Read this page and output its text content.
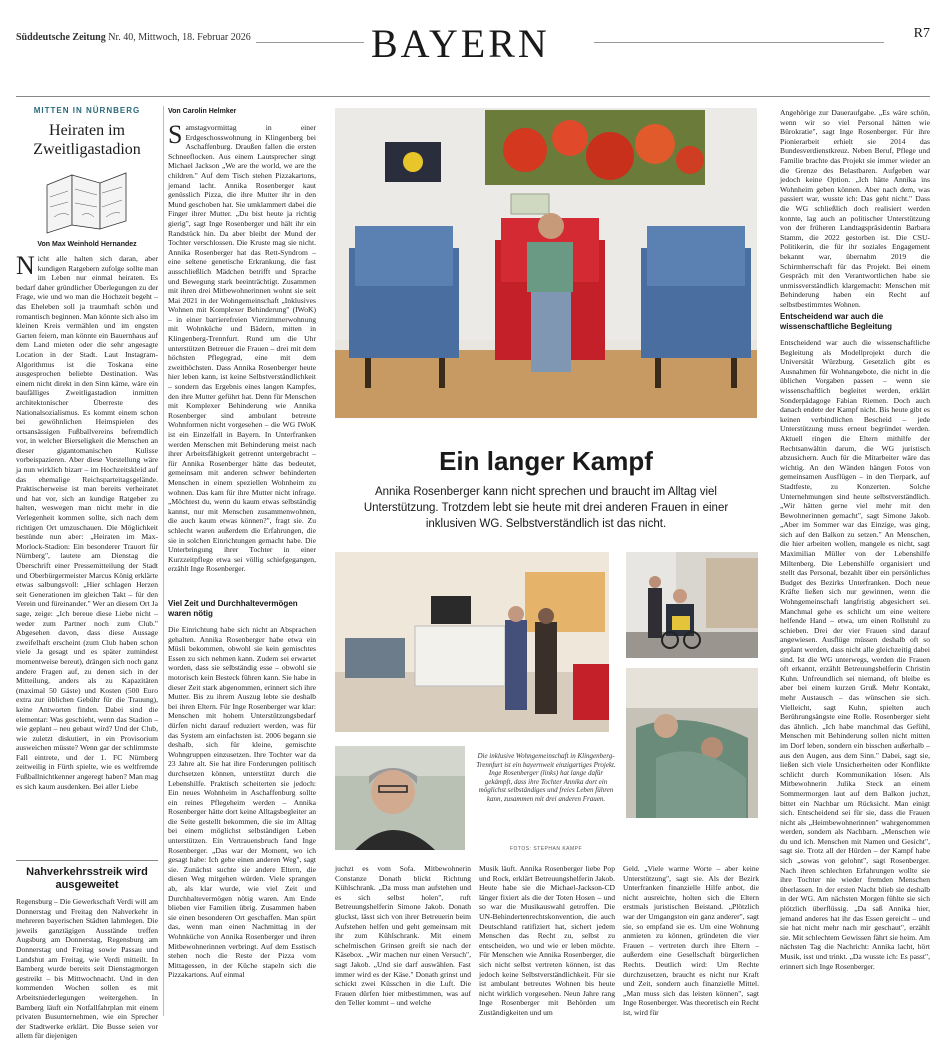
Süddeutsche Zeitung Nr. 40, Mittwoch, 18. Februar 2026	BAYERN	R7
MITTEN IN NÜRNBERG
Heiraten im Zweitligastadion
Von Max Weinhold Hernandez
Nicht alle halten sich daran, aber kundigen Ratgebern zufolge sollte man im Leben nur einmal heiraten. Es bedarf daher gründlicher Überlegungen zu der Frage, wie und wo man die Hochzeit begeht – das Eheleben soll ja traumhaft schön und romantisch beginnen. Man könnte sich also im kleinen Kreis vermählen und im engsten Garten feiern, man könnte ein Bauernhaus auf dem Land mieten oder die sehr angesagte Location in der Stadt. Laut Instagram-Algorithmus ist die Toskana eine ausgesprochen beliebte Destination. Was einem nicht direkt in den Sinn käme, wäre ein baufälliges Zweitligastadion inmitten architektonischer Überreste des Nationalsozialismus. Es kommt einem schon bei gewöhnlichen Heimspielen des ortsansässigen Fußballvereins befremdlich vor, in welcher Bierseligkeit die Menschen an dieser gigantomanischen Kulisse vorbeispazieren. Aber diese Vorstellung wäre ja nun wirklich bizarr – im Hochzeitskleid auf das ehemalige Reichsparteitagsgelände. Praktischerweise ist man bereits verheiratet und hat vor, sich an kundige Ratgeber zu halten, weswegen man nicht mehr in die Verlegenheit kommen sollte, sich nach dem richtigen Ort umzuschauen. Die Möglichkeit bestünde nun aber: „Heiraten im Max-Morlock-Stadion: Ein besonderer Trauort für Nürnberg", lautete am Dienstag die Überschrift einer Pressemitteilung der Stadt und Oberbürgermeister Marcus König erklärte etwas salbungsvoll: „Hier schlagen Herzen seit Generationen im gleichen Takt – für den Verein und füreinander." Wer an diesem Ort Ja sage, zeige: „Ich bereue diese Liebe nicht – weder zum Partner noch zum Club." Abgesehen davon, dass diese Aussage zweifelhaft erscheint (zum Club haben schon viele Ja gesagt und es später zumindest momentweise bereut), drängen sich noch ganz andere Fragen auf, zu denen sich in der Mitteilung, anders als zu Kapazitäten (maximal 50 Gäste) und Kosten (500 Euro extra zur üblichen Gebühr für die Trauung), keine Antworten finden. Dabei sind die elementar: Was geschieht, wenn das Stadion – wie geplant – neu gebaut wird? Und der Club, wie zuletzt diskutiert, in ein Provisorium ausweichen müsste? Wenn gar der schlimmste Fall eintrete, und der 1. FC Nürnberg zeitweilig in Fürth spielte, wie es weltfremde Fußballnichtkenner angeregt haben? Man mag es sich kaum ausdenken. Bei aller Liebe
Nahverkehrsstreik wird ausgeweitet
Regensburg – Die Gewerkschaft Verdi will am Donnerstag und Freitag den Nahverkehr in mehreren bayerischen Städten lahmlegen. Die jeweils ganztägigen Ausstände treffen Augsburg am Donnerstag, Regensburg am Donnerstag und Freitag sowie Passau und Landshut am Freitag, wie Verdi mitteilt. In Bamberg wurde bereits seit Dienstagmorgen gestreikt – bis Mittwochnacht. Und in den kommenden Wochen sollen es mit Arbeitsniederlegungen weitergehen. In Bamberg läuft ein Notfallfahrplan mit einem privaten Busunternehmen, wie ein Sprecher der Stadtwerke erklärt. Die Busse seien vor allem für diejenigen
Von Carolin Helmker
Samstagvormittag in einer Erdgeschosswohnung in Klingenberg bei Aschaffenburg. Draußen fallen die ersten Schneeflocken. Aus einem Lautsprecher singt Michael Jackson „We are the world, we are the children." Auf dem Tisch stehen Pizzakartons, jemand lacht. Annika Rosenberger kaut genüsslich Pizza, die ihre Mutter ihr in den Mund geschoben hat. Sie umklammert dabei die Finger ihrer Mutter. „Du bist heute ja richtig gierig", sagt Inge Rosenberger und hält ihr ein Randstück hin. Da aber bleibt der Mund der Tochter verschlossen. Die Kruste mag sie nicht. Annika Rosenberger hat das Rett-Syndrom – eine seltene genetische Erkrankung, die fast ausschließlich Mädchen betrifft und Sprache und Bewegung stark beeinträchtigt. Zusammen mit ihren drei Mitbewohnerinnen wohnt sie seit Mai 2021 in der Wohngemeinschaft „Inklusives Wohnen mit Komplexer Behinderung" (IWoK) – in einer barrierefreien Vierzimmerwohnung mit Wohnküche und Bädern, mitten in Klingenberg-Trennfurt. Rund um die Uhr unterstützen Betreuer die Frauen – drei mit dem höchsten Pflegegrad, eine mit dem zweithöchsten. Dass Annika Rosenberger heute hier leben kann, ist keine Selbstverständlichkeit – sondern das Ergebnis eines langen Kampfes, den ihre Mutter geführt hat. Denn für Menschen mit Komplexer Behinderung wie Annika Rosenberger sind ambulant betreute Wohnformen nicht vorgesehen – die WG IWoK ist ein Einzelfall in Bayern. In Unterfranken werden Menschen mit Behinderung meist nach ihrer Arbeitsfähigkeit getrennt untergebracht – für Annika Rosenberger hätte das bedeutet, gemeinsam mit anderen schwer behinderten Menschen in einem speziellen Wohnheim zu wohnen. Das kam für ihre Mutter nicht infrage. „Möchtest du, wenn du kaum etwas selbständig kannst, nur mit Menschen zusammenwohnen, die auch kaum etwas können?", fragt sie. Zu schlecht waren außerdem die Erfahrungen, die sie in solchen Einrichtungen gemacht habe. Die Unterbringung ihrer Tochter in einer Kurzzeitpflege etwa sei völlig schiefgegangen, erzählt Inge Rosenberger.
Viel Zeit und Durchhaltevermögen waren nötig
Die Einrichtung habe sich nicht an Absprachen gehalten. Annika Rosenberger habe etwa ein Müsli bekommen, obwohl sie kein gemischtes Essen zu sich nehmen kann. Zudem sei erwartet worden, dass sie selbständig esse – obwohl sie motorisch kein Besteck führen kann. Sie habe in dieser Zeit stark abgenommen, erinnert sich ihre Mutter. Bis zu ihrem Auszug lebte sie deshalb bei ihren Eltern. Für Inge Rosenberger war klar: Menschen mit hohem Unterstützungsbedarf dürfen nicht darauf reduziert werden, was für das System am einfachsten ist. 2006 begann sie deshalb, sich für kleine, gemischte Wohngruppen einzusetzen. Ihre Tochter war da 23 Jahre alt. Sie hat ihre Forderungen politisch durchsetzen können, unterstützt durch die Lebenshilfe. Praktisch scheiterten sie jedoch: Ein neues Wohnheim in Aschaffenburg sollte ein reines Pflegeheim werden – Annika Rosenberger hätte dort keine Alltagsbegleiter an die Seite gestellt bekommen, die sie im Alltag bei einem möglichst selbständigen Leben unterstützen. Ein Vertrauensbruch fand Inge Rosenberger. „Das war der Moment, wo ich gesagt habe: Ich gehe einen anderen Weg", sagt sie. Zunächst suchte sie andere Eltern, die diesen Weg mitgehen würden. Viele sprangen ab, als klar wurde, wie viel Zeit und Durchhaltevermögen nötig waren. Am Ende blieben vier Familien übrig. Zusammen haben sie einen besonderen Ort geschaffen. Man spürt das, wenn man einen Nachmittag in der Wohnküche von Annika Rosenberger und ihren Mitbewohnerinnen verbringt. Auf dem Esstisch stehen noch die Reste der Pizza vom Mittagessen, in der Küche stapeln sich die Pizzakartons. Auf einmal
Ein langer Kampf
Annika Rosenberger kann nicht sprechen und braucht im Alltag viel Unterstützung. Trotzdem lebt sie heute mit drei anderen Frauen in einer inklusiven WG. Selbstverständlich ist das nicht.
Die inklusive Wohngemeinschaft in Klingenberg-Trennfurt ist ein bayernweit einzigartiges Projekt. Inge Rosenberger (links) hat lange dafür gekämpft, dass ihre Tochter Annika dort ein möglichst selbständiges und freies Leben führen kann, zusammen mit drei anderen Frauen.
FOTOS: STEPHAN KAMPF
juchzt es vom Sofa. Mitbewohnerin Constanze Donath blickt Richtung Kühlschrank. „Da muss man aufstehen und es sich selbst holen", ruft Betreuungshelferin Simone Jakob. Donath gluckst, lässt sich von ihrer Betreuerin beim Aufstehen helfen und geht gemeinsam mit ihr zum Kühlschrank. Mit einem schelmischen Grinsen greift sie nach der Käsebox. „Wir machen nur einen Versuch", sagt Jakob. „Und sie darf auswählen. Fast immer wird es der Käse." Donath grinst und schickt zwei Küsschen in die Luft. Die Frauen dürfen hier mitbestimmen, was auf den Teller kommt – und welche
Musik läuft. Annika Rosenberger liebe Pop und Rock, erklärt Betreuungshelferin Jakob. Heute habe sie die Michael-Jackson-CD länger fixiert als die der Toten Hosen – und so war die Musikauswahl getroffen. Die UN-Behindertenrechtskonvention, die auch Deutschland ratifiziert hat, sichert jedem Menschen das Recht zu, selbst zu entscheiden, wo und wie er leben möchte. Für Menschen wie Annika Rosenberger, die sich nicht selbst vertreten können, ist das jedoch keine Selbstverständlichkeit. Für sie ist ambulant betreutes Wohnen bis heute nicht wirklich vorgesehen. Neun Jahre rang Inge Rosenberger mit Behörden um Zuständigkeiten und um
Geld. „Viele warme Worte – aber keine Unterstützung", sagt sie. Als der Bezirk Unterfranken finanzielle Hilfe anbot, die nicht ausreichte, holten sich die Eltern erstmals juristischen Beistand. „Plötzlich war der Umgangston ein ganz anderer", sagt sie, so empfand sie es. Um eine Wohnung anmieten zu können, gründeten die vier Frauen – vertreten durch ihre Eltern – außerdem eine Gesellschaft bürgerlichen Rechts. Deutlich wird: Um Rechte durchzusetzen, braucht es nicht nur Kraft und Zeit, sondern auch finanzielle Mittel. „Man muss sich das leisten können", sagt Inge Rosenberger. Was theoretisch ein Recht ist, wird für
Angehörige zur Daueraufgabe. „Es wäre schön, wenn wir so viel Personal hätten wie Bürokratie", sagt Inge Rosenberger. Für ihre Pionierarbeit erhielt sie 2014 das Bundesverdienstkreuz. Neben Beruf, Pflege und Familie brachte das Projekt sie immer wieder an die Grenze des Belastbaren. Aufgeben war jedoch keine Option. „Ich hätte Annika ins Wohnheim geben können. Aber nach dem, was passiert war, wusste ich: Das geht nicht." Dass die WG schließlich doch realisiert werden konnte, lag auch an politischer Unterstützung von der früheren Landtagspräsidentin Barbara Stamm, die 2022 gestorben ist. Die CSU-Politikerin, die für ihr soziales Engagement bekannt war, übernahm 2019 die Schirmherrschaft für das Projekt. Bei einem Gespräch mit den Verantwortlichen habe sie unmissverständlich klargemacht: Menschen mit Behinderung haben ein Recht auf selbstbestimmtes Wohnen.
Entscheidend war auch die wissenschaftliche Begleitung
Entscheidend war auch die wissenschaftliche Begleitung als Modellprojekt durch die Universität Würzburg. Gesetzlich gibt es Ausnahmen für Wohnangebote, die nicht in die üblichen Vorgaben passen – wenn sie wissenschaftlich begleitet werden, erklärt Sonderpädagoge Fabian Riemen. Doch auch danach endete der Kampf nicht. Bis heute gibt es keinen verbindlichen Bescheid – jede Unterstützung muss erneut begründet werden. Aktuell ringen die Eltern mithilfe der Rechtsanwältin darum, die WG juristisch abzusichern. Auch für die Mitarbeiter wäre das wichtig. An den Wänden hängen Fotos von gemeinsamen Ausflügen – in den Tierpark, auf Stadtfeste, zu Konzerten. Solche Unternehmungen sind heute selbstverständlich. „Wir hätten gerne viel mehr mit den Bewohnerinnen gemacht", sagt Simone Jakob. „Aber im Sommer war das Einzige, was ging, sich auf den Balkon zu setzen." An Menschen, die hier arbeiten wollen, mangele es nicht, sagt Maximilian Müller von der Lebenshilfe Miltenberg. Die Lebenshilfe organisiert und stellt das Personal, bezahlt über ein persönliches Budget des Bezirks Unterfranken. Doch neue Kräfte ließen sich nur gewinnen, wenn die Wohngemeinschaft langfristig abgesichert sei. Manchmal gehe es schlicht um eine weitere helfende Hand – etwa, um einen Rollstuhl zu schieben. Drei der vier Frauen sind darauf angewiesen. Ausflüge müssen deshalb oft so geplant werden, dass nicht alle gleichzeitig dabei sind. Ist die WG unterwegs, werden die Frauen oft erkannt, erzählt Betreuungshelferin Christin Kuhn. Unfreundlich sei niemand, oft bleibe es aber bei einem kurzen Gruß. Mehr Kontakt, mehr Austausch – das wünschen sie sich. Vielleicht, sagt Kuhn, spielten auch Berührungsängste eine Rolle. Rosenberger sieht das ähnlich. „Ich habe manchmal das Gefühl, Menschen mit Behinderung sollen nicht mitten im Dorf leben, sondern ein bisschen außerhalb – aus den Augen, aus dem Sinn." Dabei, sagt sie, ließen sich viele Unsicherheiten oder Konflikte schlicht durch Kommunikation lösen. Als Mitbewohnerin Julika Steck an einem Sommermorgen laut auf dem Balkon juchzt, bittet ein Nachbar um Rücksicht. Man einigt sich. Entscheidend sei für sie, dass die Frauen nicht als „Heimbewohnerinnen" wahrgenommen werden, sondern als Nachbarn. „Menschen wie du und ich. Menschen mit Namen und Gesicht", sagt sie. Trotz all der Hürden – der Kampf habe sich „sowas von gelohnt", sagt Rosenberger. Nach ihren schlechten Erfahrungen wollte sie ihre Tochter nie wieder fremden Menschen überlassen. In der ersten Nacht blieb sie deshalb in der WG. Am nächsten Morgen fühlte sie sich plötzlich überflüssig. „Da saß Annika hier, jemand anderes hat ihr das Essen gereicht – und sie hat nicht mehr nach mir geschaut", erzählt sie. Mit schlechtem Gewissen fährt sie heim. Am nächsten Tag die Nachricht: Annika lacht, hört Musik, isst und trinkt. „Da wusste ich: Es passt", erinnert sich Inge Rosenberger.
